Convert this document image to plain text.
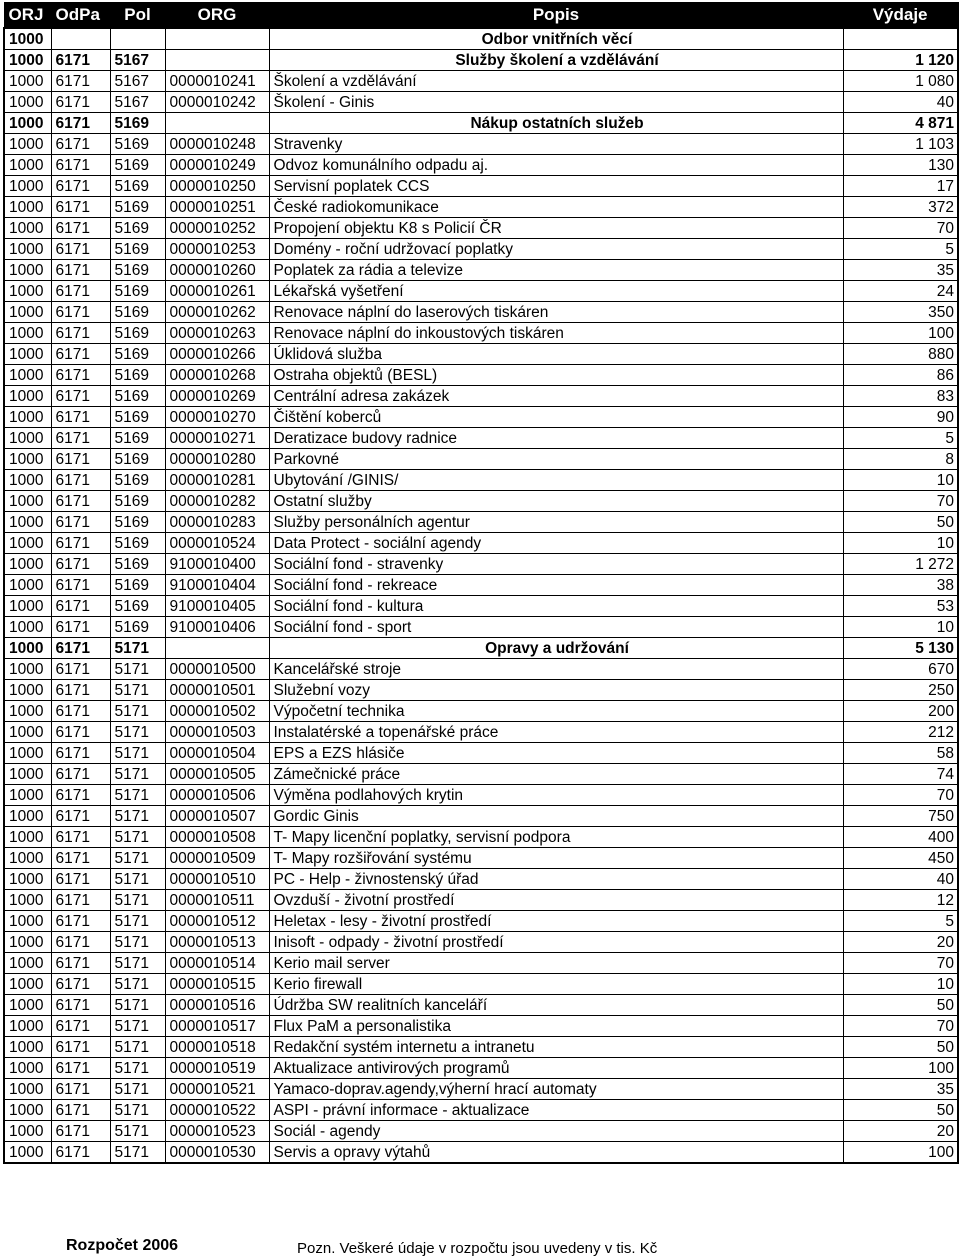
ORJ	OdPa	Pol	ORG	Popis	Výdaje
1000				Odbor vnitřních věcí	
1000	6171	5167		Služby školení a vzdělávání	1 120
1000	6171	5167	0000010241	Školení a vzdělávání	1 080
1000	6171	5167	0000010242	Školení - Ginis	40
1000	6171	5169		Nákup ostatních služeb	4 871
1000	6171	5169	0000010248	Stravenky	1 103
1000	6171	5169	0000010249	Odvoz komunálního odpadu aj.	130
1000	6171	5169	0000010250	Servisní poplatek CCS	17
1000	6171	5169	0000010251	České radiokomunikace	372
1000	6171	5169	0000010252	Propojení objektu K8 s Policií ČR	70
1000	6171	5169	0000010253	Domény - roční udržovací poplatky	5
1000	6171	5169	0000010260	Poplatek za rádia a televize	35
1000	6171	5169	0000010261	Lékařská vyšetření	24
1000	6171	5169	0000010262	Renovace náplní do laserových tiskáren	350
1000	6171	5169	0000010263	Renovace náplní do inkoustových tiskáren	100
1000	6171	5169	0000010266	Úklidová služba	880
1000	6171	5169	0000010268	Ostraha objektů (BESL)	86
1000	6171	5169	0000010269	Centrální adresa zakázek	83
1000	6171	5169	0000010270	Čištění koberců	90
1000	6171	5169	0000010271	Deratizace budovy radnice	5
1000	6171	5169	0000010280	Parkovné	8
1000	6171	5169	0000010281	Ubytování /GINIS/	10
1000	6171	5169	0000010282	Ostatní služby	70
1000	6171	5169	0000010283	Služby personálních agentur	50
1000	6171	5169	0000010524	Data Protect - sociální agendy	10
1000	6171	5169	9100010400	Sociální fond - stravenky	1 272
1000	6171	5169	9100010404	Sociální fond - rekreace	38
1000	6171	5169	9100010405	Sociální fond - kultura	53
1000	6171	5169	9100010406	Sociální fond - sport	10
1000	6171	5171		Opravy a udržování	5 130
1000	6171	5171	0000010500	Kancelářské stroje	670
1000	6171	5171	0000010501	Služební vozy	250
1000	6171	5171	0000010502	Výpočetní technika	200
1000	6171	5171	0000010503	Instalatérské a topenářské práce	212
1000	6171	5171	0000010504	EPS a EZS hlásiče	58
1000	6171	5171	0000010505	Zámečnické práce	74
1000	6171	5171	0000010506	Výměna podlahových krytin	70
1000	6171	5171	0000010507	Gordic Ginis	750
1000	6171	5171	0000010508	T- Mapy licenční poplatky, servisní podpora	400
1000	6171	5171	0000010509	T- Mapy rozšiřování systému	450
1000	6171	5171	0000010510	PC - Help - živnostenský úřad	40
1000	6171	5171	0000010511	Ovzduší - životní prostředí	12
1000	6171	5171	0000010512	Heletax - lesy - životní prostředí	5
1000	6171	5171	0000010513	Inisoft - odpady - životní prostředí	20
1000	6171	5171	0000010514	Kerio mail server	70
1000	6171	5171	0000010515	Kerio firewall	10
1000	6171	5171	0000010516	Údržba SW realitních kanceláří	50
1000	6171	5171	0000010517	Flux PaM a personalistika	70
1000	6171	5171	0000010518	Redakční systém internetu a intranetu	50
1000	6171	5171	0000010519	Aktualizace antivirových programů	100
1000	6171	5171	0000010521	Yamaco-doprav.agendy,výherní hrací automaty	35
1000	6171	5171	0000010522	ASPI - právní informace - aktualizace	50
1000	6171	5171	0000010523	Sociál - agendy	20
1000	6171	5171	0000010530	Servis a opravy výtahů	100
Rozpočet 2006	Pozn. Veškeré údaje v rozpočtu jsou uvedeny v tis. Kč
